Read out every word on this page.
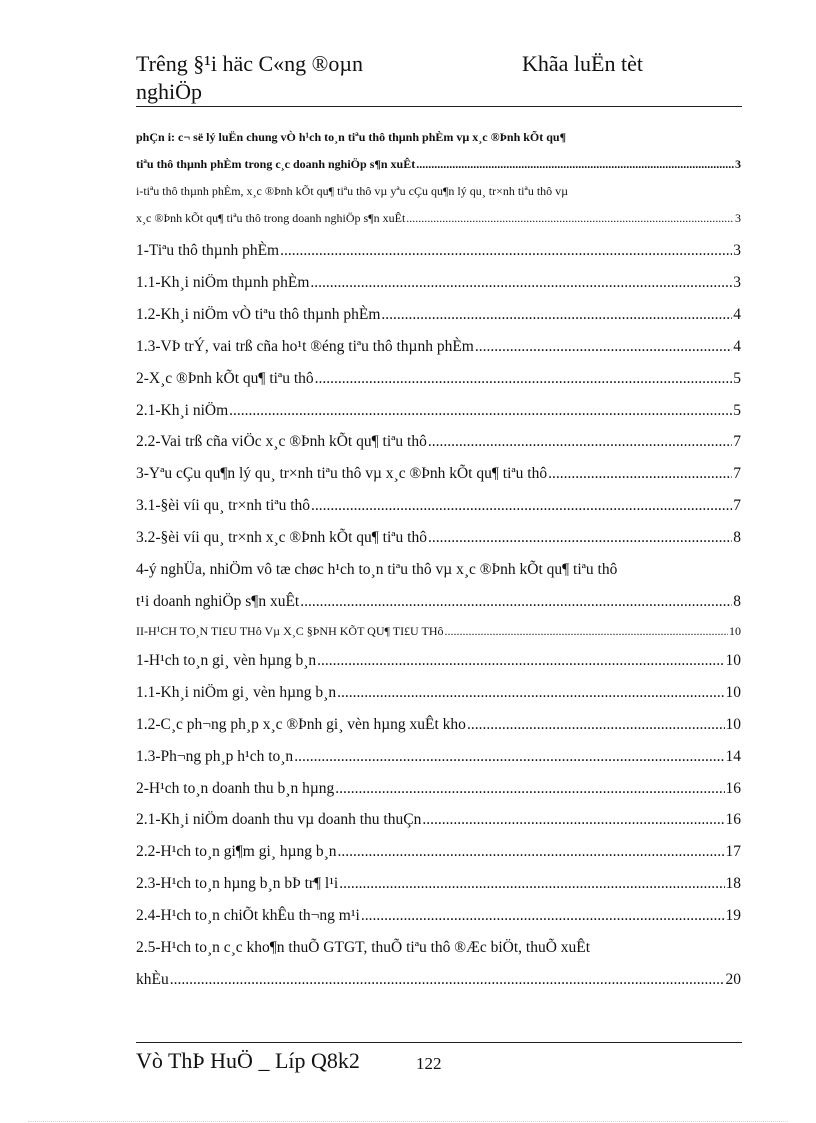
Trêng §¹i häc C«ng ®oµn
nghiÖp
Khãa luËn tèt
phÇn i: c¬ së lý luËn chung vÒ h¹ch to¸n tiªu thô thµnh phÈm vµ x¸c ®Þnh kÕt qu¶
tiªu thô thµnh phÈm trong c¸c doanh nghiÖp s¶n xuÊt .....	3
i-tiªu thô thµnh phÈm, x¸c ®Þnh kÕt qu¶ tiªu thô vµ yªu cÇu qu¶n lý qu¸ tr×nh tiªu thô vµ
x¸c ®Þnh kÕt qu¶ tiªu thô trong doanh nghiÖp s¶n xuÊt .....	3
1-Tiªu thô thµnh phÈm .....	3
1.1-Kh¸i niÖm thµnh phÈm .....	3
1.2-Kh¸i niÖm vÒ tiªu thô thµnh phÈm .....	4
1.3-VÞ trÝ, vai trß cña ho¹t ®éng tiªu thô thµnh phÈm .....	4
2-X¸c ®Þnh kÕt qu¶ tiªu thô .....	5
2.1-Kh¸i niÖm .....	5
2.2-Vai trß cña viÖc x¸c ®Þnh kÕt qu¶ tiªu thô .....	7
3-Yªu cÇu qu¶n lý qu¸ tr×nh tiªu thô vµ x¸c ®Þnh kÕt qu¶ tiªu thô .....	7
3.1-§èi víi qu¸ tr×nh tiªu thô .....	7
3.2-§èi víi qu¸ tr×nh x¸c ®Þnh kÕt qu¶ tiªu thô .....	8
4-ý nghÜa, nhiÖm vô tæ chøc h¹ch to¸n tiªu thô vµ x¸c ®Þnh kÕt qu¶ tiªu thô
t¹i doanh nghiÖp s¶n xuÊt .....	8
II-H¹CH TO¸N TI£U THô Vµ X¸C §ÞNH KÕT QU¶ TI£U THô .....	10
1-H¹ch to¸n gi¸ vèn hµng b¸n .....	10
1.1-Kh¸i niÖm gi¸ vèn hµng b¸n .....	10
1.2-C¸c ph¬ng ph¸p x¸c ®Þnh gi¸ vèn hµng xuÊt kho .....	10
1.3-Ph¬ng ph¸p h¹ch to¸n .....	14
2-H¹ch to¸n doanh thu b¸n hµng .....	16
2.1-Kh¸i niÖm doanh thu vµ doanh thu thuÇn .....	16
2.2-H¹ch to¸n gi¶m gi¸ hµng b¸n .....	17
2.3-H¹ch to¸n hµng b¸n bÞ tr¶ l¹i .....	18
2.4-H¹ch to¸n chiÕt khÊu th¬ng m¹i .....	19
2.5-H¹ch to¸n c¸c kho¶n thuÕ GTGT, thuÕ tiªu thô ®Æc biÖt, thuÕ xuÊt
khÈu .....	20
Vò ThÞ HuÖ _ Líp Q8k2	122
